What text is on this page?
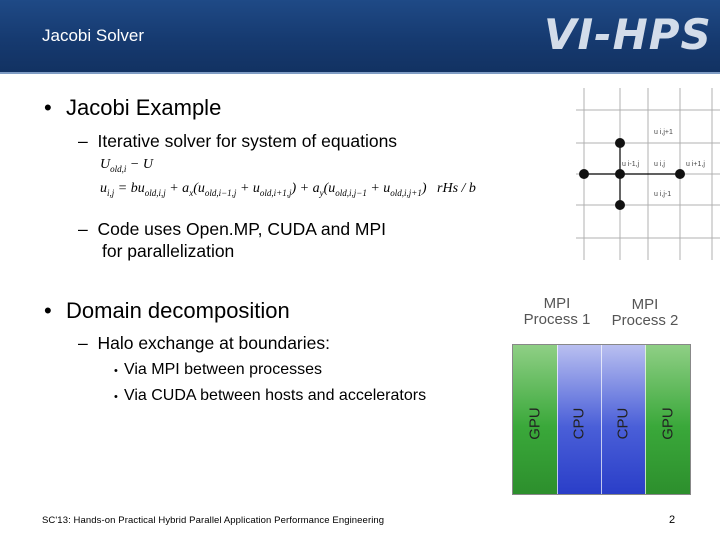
Jacobi Solver	VI-HPS
• Jacobi Example
–  Iterative solver for system of equations
$U_{old,i} - U$
$u_{i,j} = bu_{old,i,j} + a_x(u_{old,i-1,j} + u_{old,i+1,j}) + a_y(u_{old,i,j-1} + u_{old,i,j+1})$ rHs / b
–  Code uses Open.MP, CUDA and MPI
for parallelization
• Domain decomposition
–  Halo exchange at boundaries:
•  Via MPI between processes
•  Via CUDA between hosts and accelerators
u i,j+1
u i-1,j u i,j	u i+1,j
u i,j-1
MPI
Process 1
MPI
Process 2
GPU CPU CPU GPU
SC'13: Hands-on Practical Hybrid Parallel Application Performance Engineering	2
